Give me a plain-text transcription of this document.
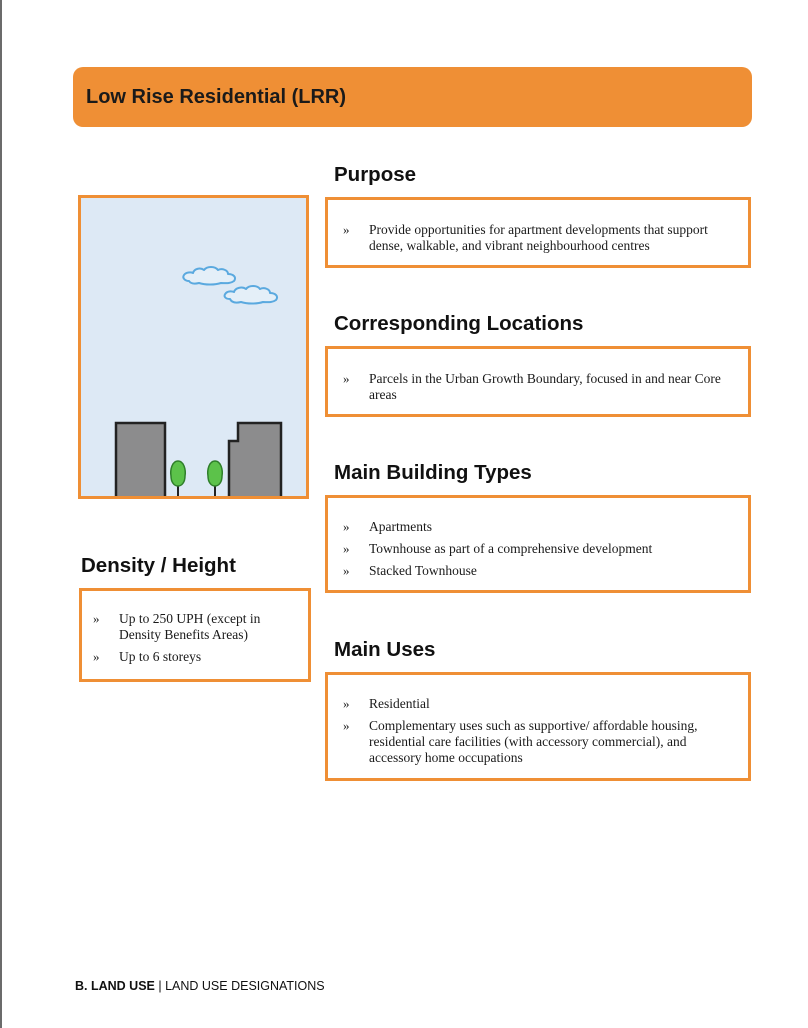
Low Rise Residential (LRR)
Purpose
» Provide opportunities for apartment developments that support dense, walkable, and vibrant neighbourhood centres
Corresponding Locations
» Parcels in the Urban Growth Boundary, focused in and near Core areas
Main Building Types
» Apartments
» Townhouse as part of a comprehensive development
» Stacked Townhouse
Main Uses
» Residential
» Complementary uses such as supportive/ affordable housing, residential care facilities (with accessory commercial), and accessory home occupations
Density / Height
» Up to 250 UPH (except in Density Benefits Areas)
» Up to 6 storeys
B. LAND USE | LAND USE DESIGNATIONS
